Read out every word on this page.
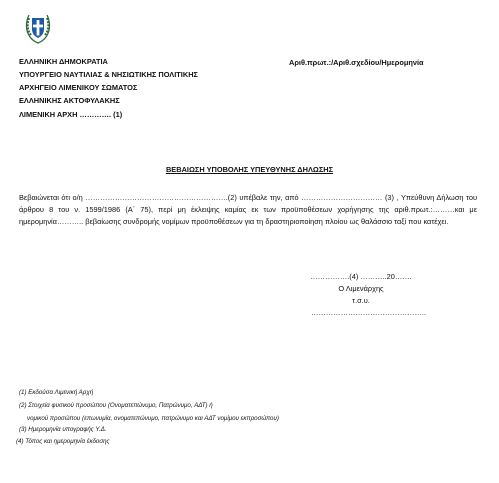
ΕΛΛΗΝΙΚΗ ΔΗΜΟΚΡΑΤΙΑ
ΥΠΟΥΡΓΕΙΟ ΝΑΥΤΙΛΙΑΣ & ΝΗΣΙΩΤΙΚΗΣ ΠΟΛΙΤΙΚΗΣ
ΑΡΧΗΓΕΙΟ ΛΙΜΕΝΙΚΟΥ ΣΩΜΑΤΟΣ
ΕΛΛΗΝΙΚΗΣ ΑΚΤΟΦΥΛΑΚΗΣ
ΛΙΜΕΝΙΚΗ ΑΡΧΗ …………. (1)
Αριθ.πρωτ.:/Αριθ.σχεδίου/Ημερομηνία
ΒΕΒΑΙΩΣΗ ΥΠΟΒΟΛΗΣ ΥΠΕΥΘΥΝΗΣ ΔΗΛΩΣΗΣ
Βεβαιώνεται ότι ο/η ………………………………………………….(2) υπέβαλε την, από …………………………… (3) , Υπεύθυνη Δήλωση του άρθρου 8 του ν. 1599/1986 (Α΄ 75), περί μη έκλειψης καμίας εκ των προϋποθέσεων χορήγησης της αριθ.πρωτ.:………και με ημερομηνία……….. βεβαίωσης συνδρομής νομίμων προϋποθέσεων για τη δραστηριοποίηση πλοίου ως θαλάσσιο ταξί που κατέχει.
…………….(4) ………..20…….
Ο Λιμενάρχης
τ.σ.υ.
………………………………………..
(1) Εκδούσα Λιμενική Αρχή
(2) Στοιχεία φυσικού προσώπου (Ονοματεπώνυμο, Πατρώνυμο, ΑΔΤ) ή
νομικού προσώπου (επωνυμία, ονοματεπώνυμο, πατρώνυμο και ΑΔΤ νομίμου εκπροσώπου)
(3) Ημερομηνία υπογραφής Υ.Δ.
(4) Τόπος και ημερομηνία έκδοσης
